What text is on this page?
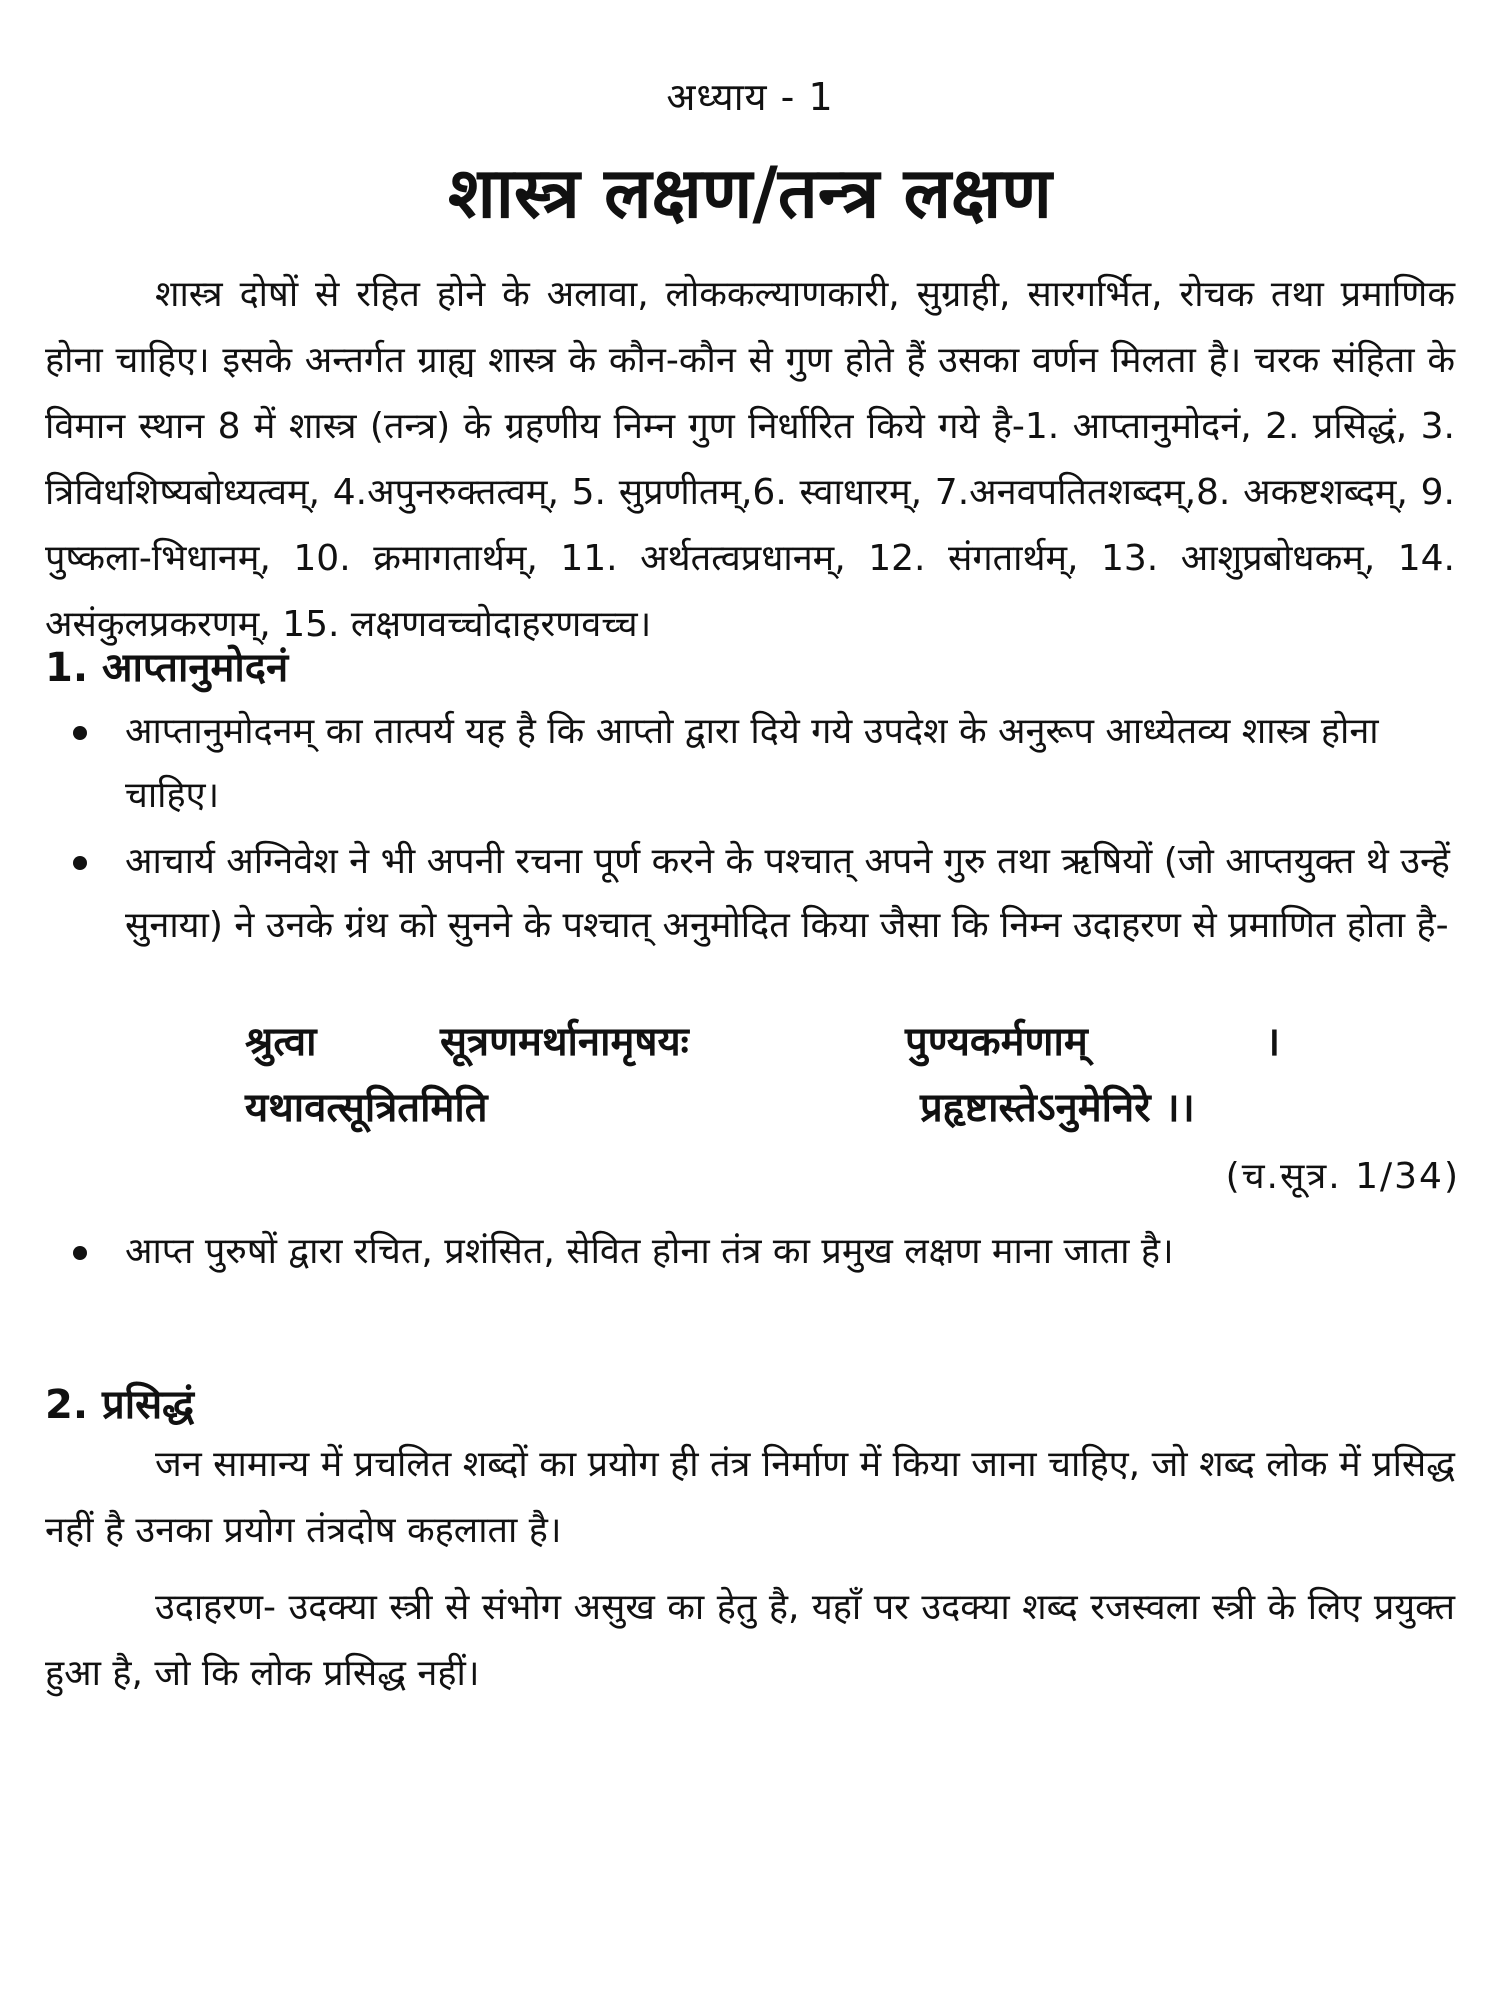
अध्याय - 1
शास्त्र लक्षण/तन्त्र लक्षण
शास्त्र दोषों से रहित होने के अलावा, लोककल्याणकारी, सुग्राही, सारगर्भित, रोचक तथा प्रमाणिक होना चाहिए। इसके अन्तर्गत ग्राह्य शास्त्र के कौन-कौन से गुण होते हैं उसका वर्णन मिलता है। चरक संहिता के विमान स्थान 8 में शास्त्र (तन्त्र) के ग्रहणीय निम्न गुण निर्धारित किये गये है-1. आप्तानुमोदनं, 2. प्रसिद्धं, 3. त्रिविधशिष्यबोध्यत्वम्, 4.अपुनरुक्तत्वम्, 5. सुप्रणीतम्,6. स्वाधारम्, 7.अनवपतितशब्दम्,8. अकष्टशब्दम्, 9. पुष्कला-भिधानम्, 10. क्रमागतार्थम्, 11. अर्थतत्वप्रधानम्, 12. संगतार्थम्, 13. आशुप्रबोधकम्, 14. असंकुलप्रकरणम्, 15. लक्षणवच्चोदाहरणवच्च।
1. आप्तानुमोदनं
आप्तानुमोदनम् का तात्पर्य यह है कि आप्तो द्वारा दिये गये उपदेश के अनुरूप आध्येतव्य शास्त्र होना चाहिए।
आचार्य अग्निवेश ने भी अपनी रचना पूर्ण करने के पश्चात् अपने गुरु तथा ऋषियों (जो आप्तयुक्त थे उन्हें सुनाया) ने उनके ग्रंथ को सुनने के पश्चात् अनुमोदित किया जैसा कि निम्न उदाहरण से प्रमाणित होता है-
श्रुत्वा	सूत्रणमर्थानामृषयः	पुण्यकर्मणाम्	।
यथावत्सूत्रितमिति	प्रहृष्टास्तेऽनुमेनिरे ।।
(च.सूत्र. 1/34)
आप्त पुरुषों द्वारा रचित, प्रशंसित, सेवित होना तंत्र का प्रमुख लक्षण माना जाता है।
2. प्रसिद्धं
जन सामान्य में प्रचलित शब्दों का प्रयोग ही तंत्र निर्माण में किया जाना चाहिए, जो शब्द लोक में प्रसिद्ध नहीं है उनका प्रयोग तंत्रदोष कहलाता है।
उदाहरण- उदक्या स्त्री से संभोग असुख का हेतु है, यहाँ पर उदक्या शब्द रजस्वला स्त्री के लिए प्रयुक्त हुआ है, जो कि लोक प्रसिद्ध नहीं।
